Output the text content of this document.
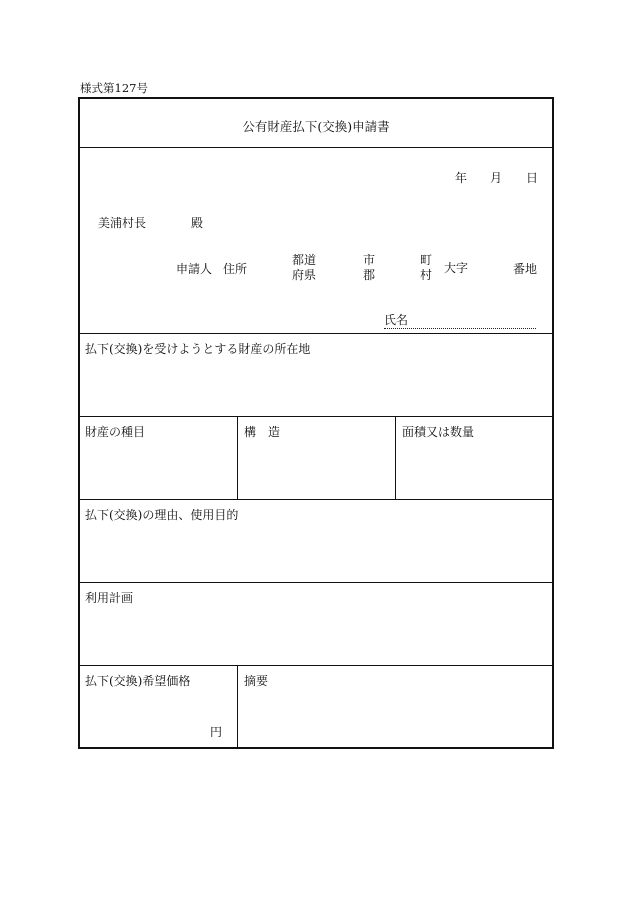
様式第127号
公有財産払下(交換)申請書
年 月 日
美浦村長	殿
申請人 住所
都道
府県
市
郡
町
村 大字	番地
氏名
払下(交換)を受けようとする財産の所在地
財産の種目	構　造	面積又は数量
払下(交換)の理由、使用目的
利用計画
払下(交換)希望価格
円
摘要
